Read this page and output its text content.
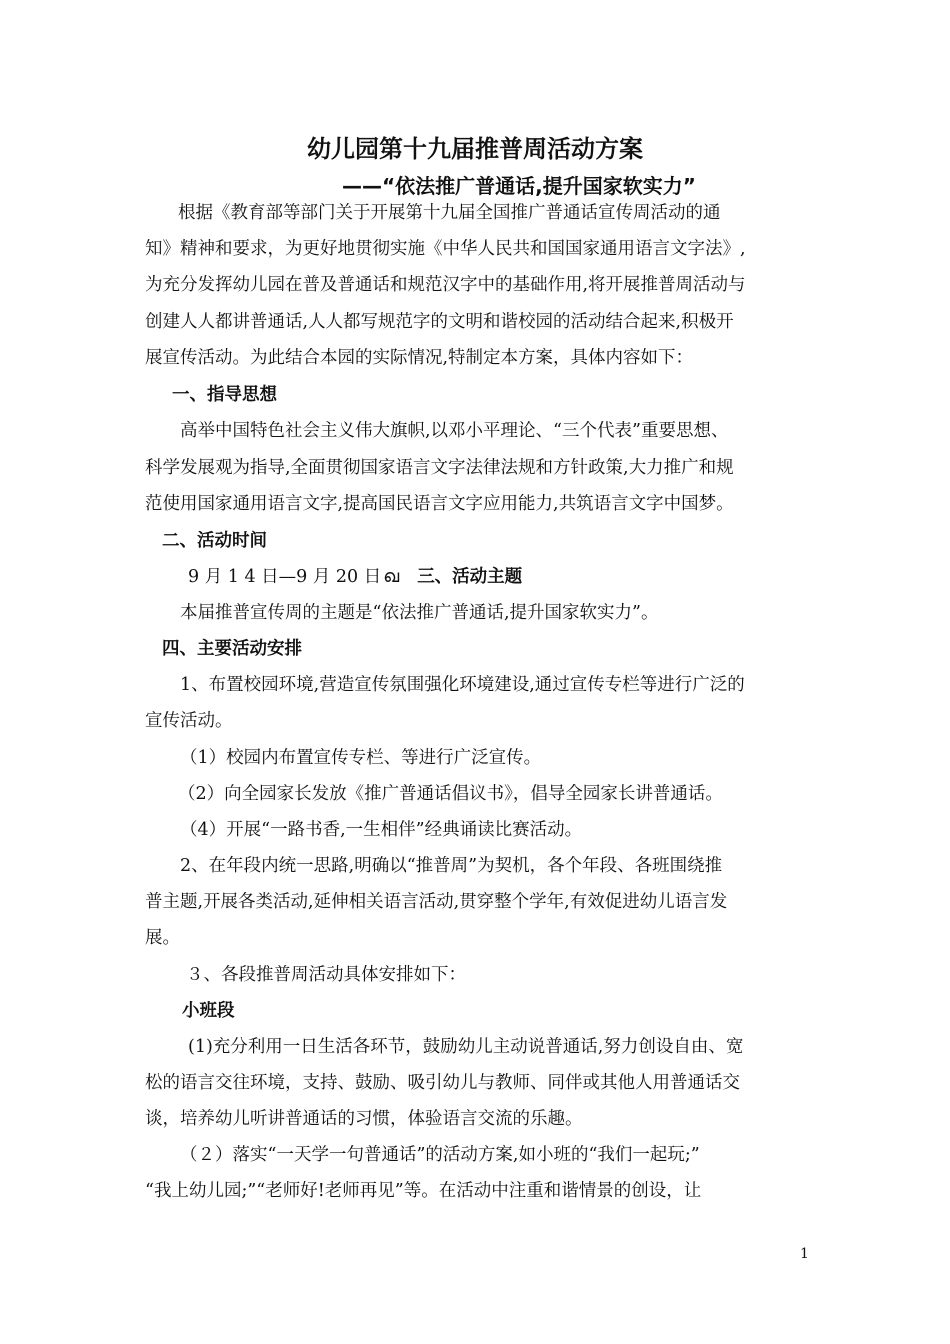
幼儿园第十九届推普周活动方案
——“依法推广普通话,提升国家软实力”
根据《教育部等部门关于开展第十九届全国推广普通话宣传周活动的通
知》精神和要求，为更好地贯彻实施《中华人民共和国国家通用语言文字法》,
为充分发挥幼儿园在普及普通话和规范汉字中的基础作用,将开展推普周活动与
创建人人都讲普通话,人人都写规范字的文明和谐校园的活动结合起来,积极开
展宣传活动。为此结合本园的实际情况,特制定本方案，具体内容如下：
一、指导思想
高举中国特色社会主义伟大旗帜,以邓小平理论、“三个代表”重要思想、
科学发展观为指导,全面贯彻国家语言文字法律法规和方针政策,大力推广和规
范使用国家通用语言文字,提高国民语言文字应用能力,共筑语言文字中国梦。
二、活动时间
9 月 1 4 日—9 月 20 日 ഖ 三、活动主题
本届推普宣传周的主题是“依法推广普通话,提升国家软实力”。
四、主要活动安排
1、布置校园环境,营造宣传氛围强化环境建设,通过宣传专栏等进行广泛的
宣传活动。
（1）校园内布置宣传专栏、等进行广泛宣传。
（2）向全园家长发放《推广普通话倡议书》，倡导全园家长讲普通话。
（4）开展“一路书香,一生相伴”经典诵读比赛活动。
2、在年段内统一思路,明确以“推普周”为契机，各个年段、各班围绕推
普主题,开展各类活动,延伸相关语言活动,贯穿整个学年,有效促进幼儿语言发
展。
３、各段推普周活动具体安排如下：
小班段
(1)充分利用一日生活各环节，鼓励幼儿主动说普通话,努力创设自由、宽
松的语言交往环境，支持、鼓励、吸引幼儿与教师、同伴或其他人用普通话交
谈，培养幼儿听讲普通话的习惯，体验语言交流的乐趣。
（２）落实“一天学一句普通话”的活动方案,如小班的“我们一起玩;”
“我上幼儿园;”“老师好!老师再见”等。在活动中注重和谐情景的创设，让
1
